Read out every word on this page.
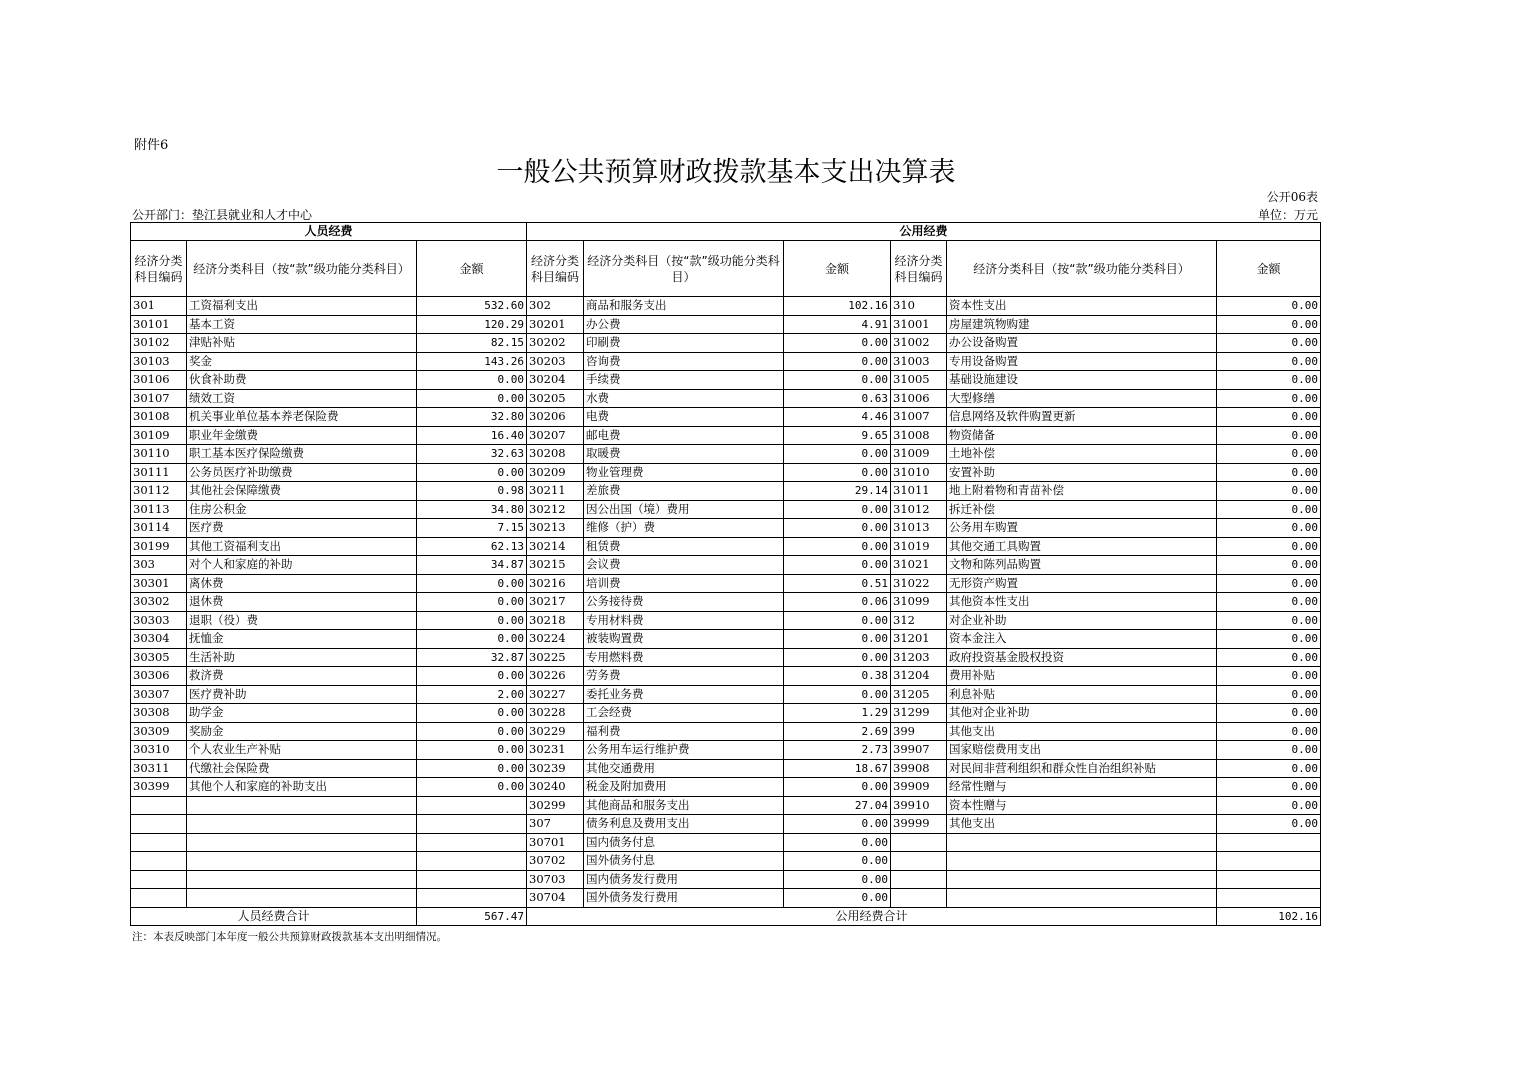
附件6
一般公共预算财政拨款基本支出决算表
公开06表
公开部门：垫江县就业和人才中心	单位：万元
人员经费			公用经费					
经济分类科目编码	经济分类科目（按“款”级功能分类科目）	金额	经济分类科目编码	经济分类科目（按“款”级功能分类科目）	金额	经济分类科目编码	经济分类科目（按“款”级功能分类科目）	金额
301	工资福利支出	532.60	302	商品和服务支出	102.16	310	资本性支出	0.00
30101	基本工资	120.29	30201	办公费	4.91	31001	房屋建筑物购建	0.00
30102	津贴补贴	82.15	30202	印刷费	0.00	31002	办公设备购置	0.00
30103	奖金	143.26	30203	咨询费	0.00	31003	专用设备购置	0.00
30106	伙食补助费	0.00	30204	手续费	0.00	31005	基础设施建设	0.00
30107	绩效工资	0.00	30205	水费	0.63	31006	大型修缮	0.00
30108	机关事业单位基本养老保险费	32.80	30206	电费	4.46	31007	信息网络及软件购置更新	0.00
30109	职业年金缴费	16.40	30207	邮电费	9.65	31008	物资储备	0.00
30110	职工基本医疗保险缴费	32.63	30208	取暖费	0.00	31009	土地补偿	0.00
30111	公务员医疗补助缴费	0.00	30209	物业管理费	0.00	31010	安置补助	0.00
30112	其他社会保障缴费	0.98	30211	差旅费	29.14	31011	地上附着物和青苗补偿	0.00
30113	住房公积金	34.80	30212	因公出国（境）费用	0.00	31012	拆迁补偿	0.00
30114	医疗费	7.15	30213	维修（护）费	0.00	31013	公务用车购置	0.00
30199	其他工资福利支出	62.13	30214	租赁费	0.00	31019	其他交通工具购置	0.00
303	对个人和家庭的补助	34.87	30215	会议费	0.00	31021	文物和陈列品购置	0.00
30301	离休费	0.00	30216	培训费	0.51	31022	无形资产购置	0.00
30302	退休费	0.00	30217	公务接待费	0.06	31099	其他资本性支出	0.00
30303	退职（役）费	0.00	30218	专用材料费	0.00	312	对企业补助	0.00
30304	抚恤金	0.00	30224	被装购置费	0.00	31201	资本金注入	0.00
30305	生活补助	32.87	30225	专用燃料费	0.00	31203	政府投资基金股权投资	0.00
30306	救济费	0.00	30226	劳务费	0.38	31204	费用补贴	0.00
30307	医疗费补助	2.00	30227	委托业务费	0.00	31205	利息补贴	0.00
30308	助学金	0.00	30228	工会经费	1.29	31299	其他对企业补助	0.00
30309	奖励金	0.00	30229	福利费	2.69	399	其他支出	0.00
30310	个人农业生产补贴	0.00	30231	公务用车运行维护费	2.73	39907	国家赔偿费用支出	0.00
30311	代缴社会保险费	0.00	30239	其他交通费用	18.67	39908	对民间非营利组织和群众性自治组织补贴	0.00
30399	其他个人和家庭的补助支出	0.00	30240	税金及附加费用	0.00	39909	经常性赠与	0.00
			30299	其他商品和服务支出	27.04	39910	资本性赠与	0.00
			307	债务利息及费用支出	0.00	39999	其他支出	0.00
			30701	国内债务付息	0.00			
			30702	国外债务付息	0.00			
			30703	国内债务发行费用	0.00			
			30704	国外债务发行费用	0.00			
人员经费合计		567.47	公用经费合计					102.16
注：本表反映部门本年度一般公共预算财政拨款基本支出明细情况。
